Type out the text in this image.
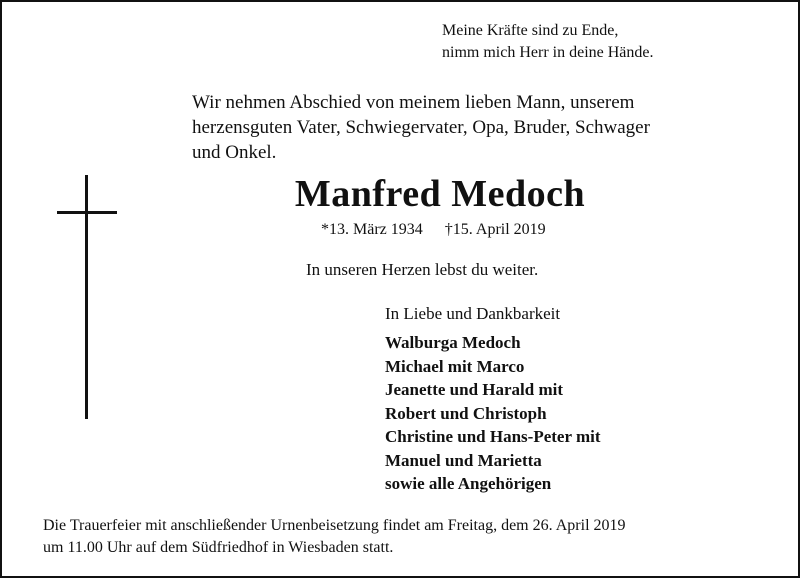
Meine Kräfte sind zu Ende,
nimm mich Herr in deine Hände.
Wir nehmen Abschied von meinem lieben Mann, unserem
herzensguten Vater, Schwiegervater, Opa, Bruder, Schwager
und Onkel.
Manfred Medoch
*13. März 1934 †15. April 2019
In unseren Herzen lebst du weiter.
In Liebe und Dankbarkeit
Walburga Medoch
Michael mit Marco
Jeanette und Harald mit
Robert und Christoph
Christine und Hans-Peter mit
Manuel und Marietta
sowie alle Angehörigen
Die Trauerfeier mit anschließender Urnenbeisetzung findet am Freitag, dem 26. April 2019
um 11.00 Uhr auf dem Südfriedhof in Wiesbaden statt.
